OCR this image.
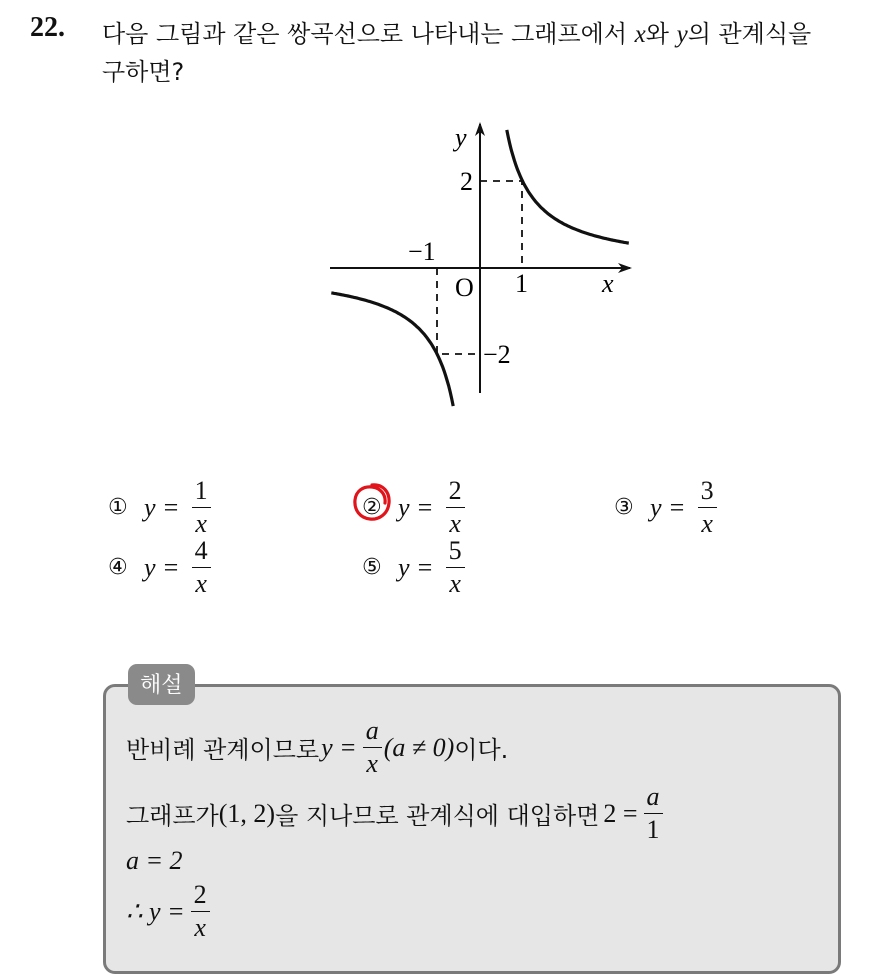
22. 다음 그림과 같은 쌍곡선으로 나타내는 그래프에서 x와 y의 관계식을
구하면?
y
x
O
2
−2
1
−1
① $y = \frac{1}{x}$	② $y = \frac{2}{x}$	③ $y = \frac{3}{x}$
④ $y = \frac{4}{x}$	⑤ $y = \frac{5}{x}$
해설
반비례 관계이므로 $y = \frac{a}{x} (a \ne 0)$ 이다.
그래프가 (1, 2) 을 지나므로 관계식에 대입하면 $2 = \frac{a}{1}$
a = 2
∴ $y = \frac{2}{x}$
